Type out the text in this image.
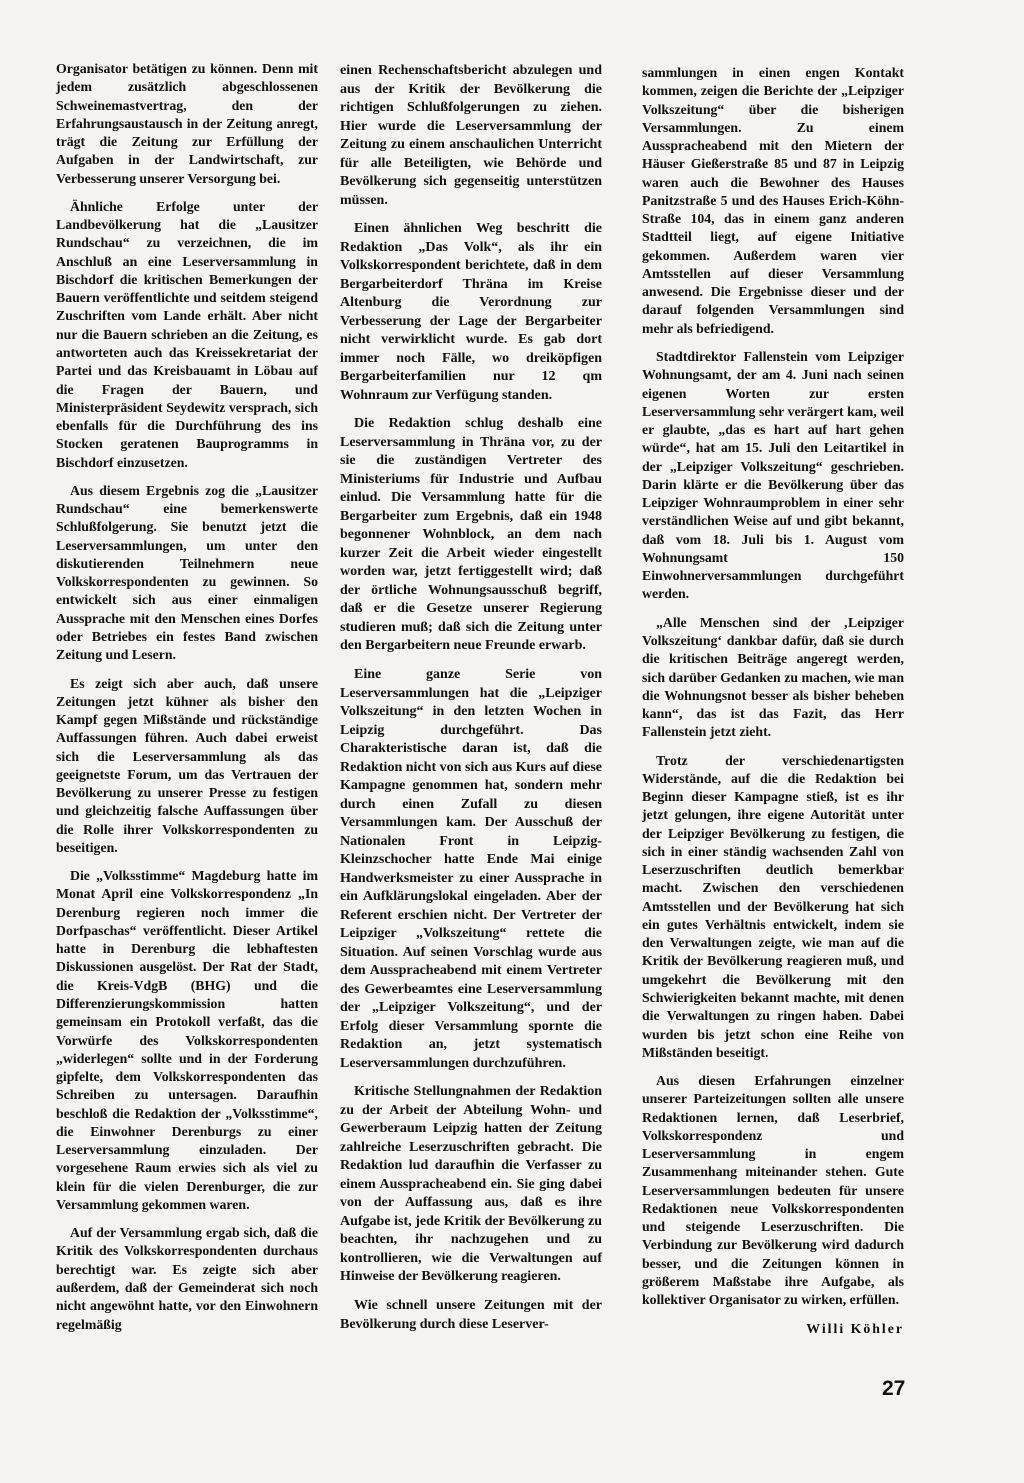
Organisator betätigen zu können. Denn mit jedem zusätzlich abgeschlossenen Schweinemastvertrag, den der Erfahrungsaustausch in der Zeitung anregt, trägt die Zeitung zur Erfüllung der Aufgaben in der Landwirtschaft, zur Verbesserung unserer Versorgung bei.

Ähnliche Erfolge unter der Landbevölkerung hat die „Lausitzer Rundschau“ zu verzeichnen, die im Anschluß an eine Leserversammlung in Bischdorf die kritischen Bemerkungen der Bauern veröffentlichte und seitdem steigend Zuschriften vom Lande erhält. Aber nicht nur die Bauern schrieben an die Zeitung, es antworteten auch das Kreissekretariat der Partei und das Kreisbauamt in Löbau auf die Fragen der Bauern, und Ministerpräsident Seydewitz versprach, sich ebenfalls für die Durchführung des ins Stocken geratenen Bauprogramms in Bischdorf einzusetzen.

Aus diesem Ergebnis zog die „Lausitzer Rundschau“ eine bemerkenswerte Schlußfolgerung. Sie benutzt jetzt die Leserversammlungen, um unter den diskutierenden Teilnehmern neue Volkskorrespondenten zu gewinnen. So entwickelt sich aus einer einmaligen Aussprache mit den Menschen eines Dorfes oder Betriebes ein festes Band zwischen Zeitung und Lesern.

Es zeigt sich aber auch, daß unsere Zeitungen jetzt kühner als bisher den Kampf gegen Mißstände und rückständige Auffassungen führen. Auch dabei erweist sich die Leserversammlung als das geeignetste Forum, um das Vertrauen der Bevölkerung zu unserer Presse zu festigen und gleichzeitig falsche Auffassungen über die Rolle ihrer Volkskorrespondenten zu beseitigen.

Die „Volksstimme“ Magdeburg hatte im Monat April eine Volkskorrespondenz „In Derenburg regieren noch immer die Dorfpaschas“ veröffentlicht. Dieser Artikel hatte in Derenburg die lebhaftesten Diskussionen ausgelöst. Der Rat der Stadt, die Kreis-VdgB (BHG) und die Differenzierungskommission hatten gemeinsam ein Protokoll verfaßt, das die Vorwürfe des Volkskorrespondenten „widerlegen“ sollte und in der Forderung gipfelte, dem Volkskorrespondenten das Schreiben zu untersagen. Daraufhin beschloß die Redaktion der „Volksstimme“, die Einwohner Derenburgs zu einer Leserversammlung einzuladen. Der vorgesehene Raum erwies sich als viel zu klein für die vielen Derenburger, die zur Versammlung gekommen waren.

Auf der Versammlung ergab sich, daß die Kritik des Volkskorrespondenten durchaus berechtigt war. Es zeigte sich aber außerdem, daß der Gemeinderat sich noch nicht angewöhnt hatte, vor den Einwohnern regelmäßig

einen Rechenschaftsbericht abzulegen und aus der Kritik der Bevölkerung die richtigen Schlußfolgerungen zu ziehen. Hier wurde die Leserversammlung der Zeitung zu einem anschaulichen Unterricht für alle Beteiligten, wie Behörde und Bevölkerung sich gegenseitig unterstützen müssen.

Einen ähnlichen Weg beschritt die Redaktion „Das Volk“, als ihr ein Volkskorrespondent berichtete, daß in dem Bergarbeiterdorf Thräna im Kreise Altenburg die Verordnung zur Verbesserung der Lage der Bergarbeiter nicht verwirklicht wurde. Es gab dort immer noch Fälle, wo dreiköpfigen Bergarbeiterfamilien nur 12 qm Wohnraum zur Verfügung standen.

Die Redaktion schlug deshalb eine Leserversammlung in Thräna vor, zu der sie die zuständigen Vertreter des Ministeriums für Industrie und Aufbau einlud. Die Versammlung hatte für die Bergarbeiter zum Ergebnis, daß ein 1948 begonnener Wohnblock, an dem nach kurzer Zeit die Arbeit wieder eingestellt worden war, jetzt fertiggestellt wird; daß der örtliche Wohnungsausschuß begriff, daß er die Gesetze unserer Regierung studieren muß; daß sich die Zeitung unter den Bergarbeitern neue Freunde erwarb.

Eine ganze Serie von Leserversammlungen hat die „Leipziger Volkszeitung“ in den letzten Wochen in Leipzig durchgeführt. Das Charakteristische daran ist, daß die Redaktion nicht von sich aus Kurs auf diese Kampagne genommen hat, sondern mehr durch einen Zufall zu diesen Versammlungen kam. Der Ausschuß der Nationalen Front in Leipzig-Kleinzschocher hatte Ende Mai einige Handwerksmeister zu einer Aussprache in ein Aufklärungslokal eingeladen. Aber der Referent erschien nicht. Der Vertreter der Leipziger „Volkszeitung“ rettete die Situation. Auf seinen Vorschlag wurde aus dem Ausspracheabend mit einem Vertreter des Gewerbeamtes eine Leserversammlung der „Leipziger Volkszeitung“, und der Erfolg dieser Versammlung spornte die Redaktion an, jetzt systematisch Leserversammlungen durchzuführen.

Kritische Stellungnahmen der Redaktion zu der Arbeit der Abteilung Wohn- und Gewerberaum Leipzig hatten der Zeitung zahlreiche Leserzuschriften gebracht. Die Redaktion lud daraufhin die Verfasser zu einem Ausspracheabend ein. Sie ging dabei von der Auffassung aus, daß es ihre Aufgabe ist, jede Kritik der Bevölkerung zu beachten, ihr nachzugehen und zu kontrollieren, wie die Verwaltungen auf Hinweise der Bevölkerung reagieren.

Wie schnell unsere Zeitungen mit der Bevölkerung durch diese Leserver-

sammlungen in einen engen Kontakt kommen, zeigen die Berichte der „Leipziger Volkszeitung“ über die bisherigen Versammlungen. Zu einem Ausspracheabend mit den Mietern der Häuser Gießerstraße 85 und 87 in Leipzig waren auch die Bewohner des Hauses Panitzstraße 5 und des Hauses Erich-Köhn-Straße 104, das in einem ganz anderen Stadtteil liegt, auf eigene Initiative gekommen. Außerdem waren vier Amtsstellen auf dieser Versammlung anwesend. Die Ergebnisse dieser und der darauf folgenden Versammlungen sind mehr als befriedigend.

Stadtdirektor Fallenstein vom Leipziger Wohnungsamt, der am 4. Juni nach seinen eigenen Worten zur ersten Leserversammlung sehr verärgert kam, weil er glaubte, „das es hart auf hart gehen würde“, hat am 15. Juli den Leitartikel in der „Leipziger Volkszeitung“ geschrieben. Darin klärte er die Bevölkerung über das Leipziger Wohnraumproblem in einer sehr verständlichen Weise auf und gibt bekannt, daß vom 18. Juli bis 1. August vom Wohnungsamt 150 Einwohnerversammlungen durchgeführt werden.

„Alle Menschen sind der ‚Leipziger Volkszeitung‘ dankbar dafür, daß sie durch die kritischen Beiträge angeregt werden, sich darüber Gedanken zu machen, wie man die Wohnungsnot besser als bisher beheben kann“, das ist das Fazit, das Herr Fallenstein jetzt zieht.

Trotz der verschiedenartigsten Widerstände, auf die die Redaktion bei Beginn dieser Kampagne stieß, ist es ihr jetzt gelungen, ihre eigene Autorität unter der Leipziger Bevölkerung zu festigen, die sich in einer ständig wachsenden Zahl von Leserzuschriften deutlich bemerkbar macht. Zwischen den verschiedenen Amtsstellen und der Bevölkerung hat sich ein gutes Verhältnis entwickelt, indem sie den Verwaltungen zeigte, wie man auf die Kritik der Bevölkerung reagieren muß, und umgekehrt die Bevölkerung mit den Schwierigkeiten bekannt machte, mit denen die Verwaltungen zu ringen haben. Dabei wurden bis jetzt schon eine Reihe von Mißständen beseitigt.

Aus diesen Erfahrungen einzelner unserer Parteizeitungen sollten alle unsere Redaktionen lernen, daß Leserbrief, Volkskorrespondenz und Leserversammlung in engem Zusammenhang miteinander stehen. Gute Leserversammlungen bedeuten für unsere Redaktionen neue Volkskorrespondenten und steigende Leserzuschriften. Die Verbindung zur Bevölkerung wird dadurch besser, und die Zeitungen können in größerem Maßstabe ihre Aufgabe, als kollektiver Organisator zu wirken, erfüllen.

Willi Köhler

27
